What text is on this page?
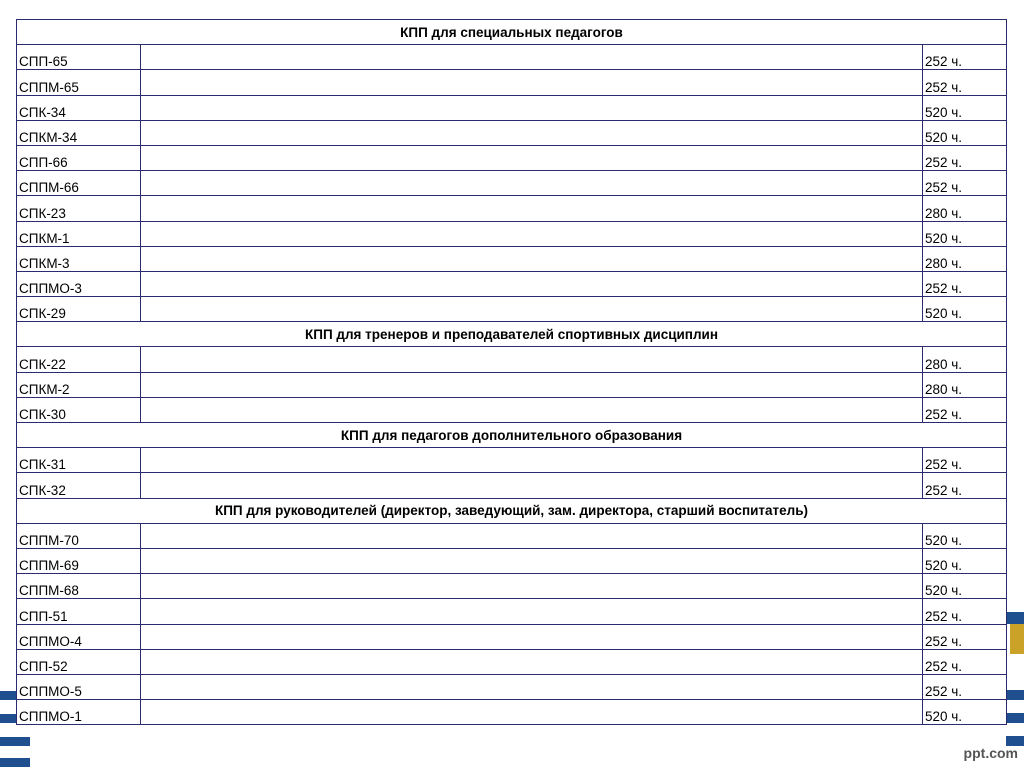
ppt.com
КПП для специальных педагогов		
СПП-65		252 ч.
СППМ-65		252 ч.
СПК-34		520 ч.
СПКМ-34		520 ч.
СПП-66		252 ч.
СППМ-66		252 ч.
СПК-23		280 ч.
СПКМ-1		520 ч.
СПКМ-3		280 ч.
СППМО-3		252 ч.
СПК-29		520 ч.
КПП для тренеров и преподавателей спортивных дисциплин		
СПК-22		280 ч.
СПКМ-2		280 ч.
СПК-30		252 ч.
КПП для педагогов дополнительного образования		
СПК-31		252 ч.
СПК-32		252 ч.
КПП для руководителей (директор, заведующий, зам. директора, старший воспитатель)		
СППМ-70		520 ч.
СППМ-69		520 ч.
СППМ-68		520 ч.
СПП-51		252 ч.
СППМО-4		252 ч.
СПП-52		252 ч.
СППМО-5		252 ч.
СППМО-1		520 ч.
